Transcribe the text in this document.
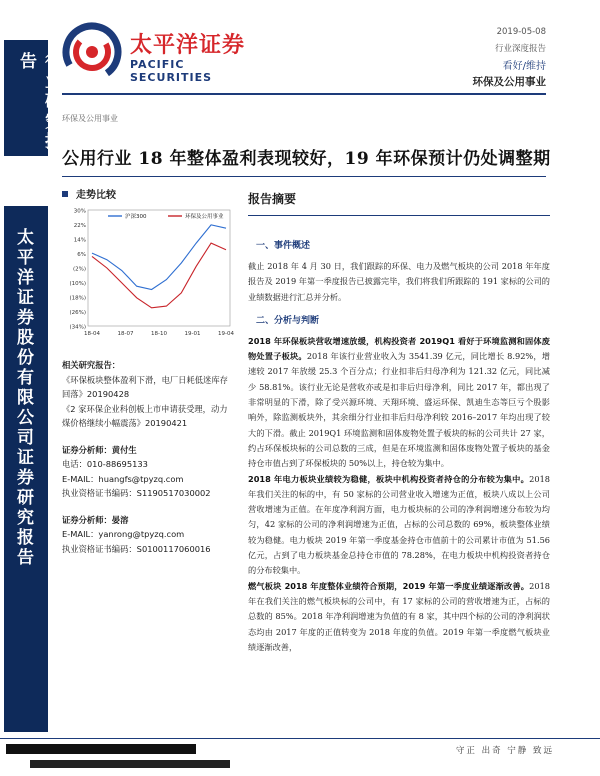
行业研究报告
太平洋证券股份有限公司证券研究报告
太平洋证券
PACIFIC SECURITIES
2019-05-08
行业深度报告
看好/维持
环保及公用事业
环保及公用事业
公用行业 18 年整体盈利表现较好，19 年环保预计仍处调整期
走势比较
30%
22%
14%
6%
(2%)
(10%)
(18%)
(26%)
(34%)
18-04	18-07	18-10	19-01	19-04
沪深300	环保及公用事业
相关研究报告：
《环保板块整体盈利下滑，电厂日耗低迷库存回落》20190428
《2 家环保企业科创板上市申请获受理，动力煤价格继续小幅震荡》20190421
证券分析师：黄付生
电话：010-88695133
E-MAIL：huangfs@tpyzq.com
执业资格证书编码：S1190517030002
证券分析师：晏溶
E-MAIL：yanrong@tpyzq.com
执业资格证书编码：S0100117060016
报告摘要
一、事件概述
截止 2018 年 4 月 30 日，我们跟踪的环保、电力及燃气板块的公司 2018 年年度报告及 2019 年第一季度报告已披露完毕，我们将我们所跟踪的 191 家标的公司的业绩数据进行汇总并分析。
二、分析与判断
2018 年环保板块营收增速放缓，机构投资者 2019Q1 看好于环境监测和固体废物处置子板块。2018 年该行业营业收入为 3541.39 亿元，同比增长 8.92%，增速较 2017 年放缓 25.3 个百分点；行业扣非后归母净利为 121.32 亿元，同比减少 58.81%。该行业无论是营收亦或是扣非后归母净利，同比 2017 年，都出现了非常明显的下滑，除了受兴源环境、天翔环境、盛运环保、凯迪生态等巨亏个股影响外，除监测板块外，其余细分行业扣非后归母净利较 2016–2017 年均出现了较大的下滑。截止 2019Q1 环境监测和固体废物处置子板块的标的公司共计 27 家，约占环保板块标的公司总数的三成，但是在环境监测和固体废物处置子板块的基金持仓市值占到了环保板块的 50%以上，持仓较为集中。
2018 年电力板块业绩较为稳健，板块中机构投资者持仓的分布较为集中。2018 年我们关注的标的中，有 50 家标的公司营业收入增速为正值，板块八成以上公司营收增速为正值。在年度净利润方面，电力板块标的公司的净利润增速分布较为均匀，42 家标的公司的净利润增速为正值，占标的公司总数的 69%，板块整体业绩较为稳健。电力板块 2019 年第一季度基金持仓市值前十的公司累计市值为 51.56 亿元，占到了电力板块基金总持仓市值的 78.28%，在电力板块中机构投资者持仓的分布较集中。
燃气板块 2018 年度整体业绩符合预期，2019 年第一季度业绩逐渐改善。2018 年在我们关注的燃气板块标的公司中，有 17 家标的公司的营收增速为正，占标的总数的 85%。2018 年净利润增速为负值的有 8 家，其中四个标的公司的净利润状态均由 2017 年度的正值转变为 2018 年度的负值。2019 年第一季度燃气板块业绩逐渐改善，
守正 出奇 宁静 致远
